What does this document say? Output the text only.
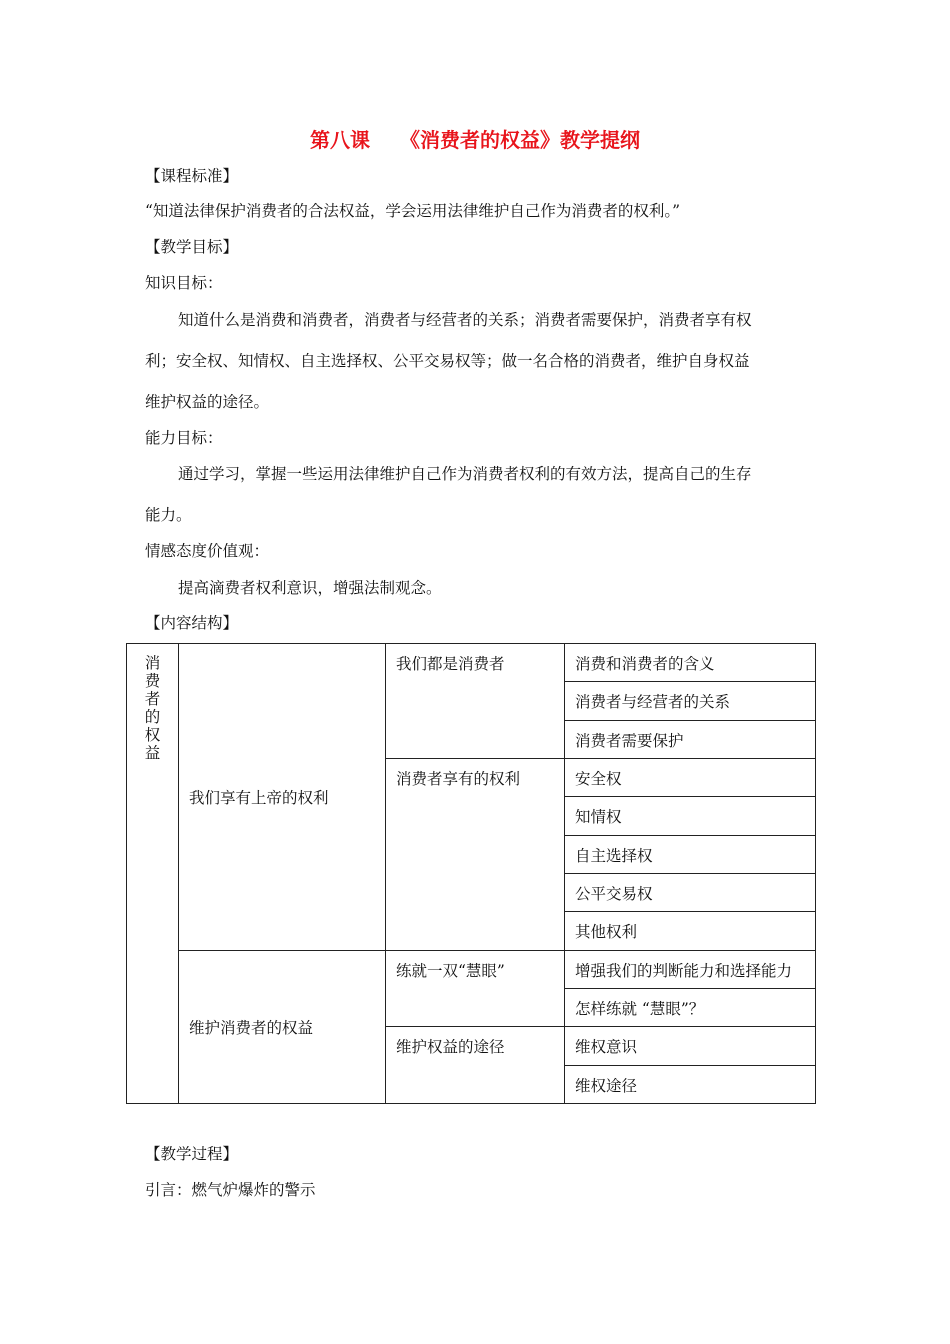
第八课　　《消费者的权益》教学提纲
【课程标准】
“知道法律保护消费者的合法权益，学会运用法律维护自己作为消费者的权利。”
【教学目标】
知识目标：
知道什么是消费和消费者，消费者与经营者的关系；消费者需要保护，消费者享有权
利；安全权、知情权、自主选择权、公平交易权等；做一名合格的消费者，维护自身权益
维护权益的途径。
能力目标：
通过学习，掌握一些运用法律维护自己作为消费者权利的有效方法，提高自己的生存
能力。
情感态度价值观：
提高滴费者权利意识，增强法制观念。
【内容结构】
消费者的权益	我们享有上帝的权利	我们都是消费者	消费和消费者的含义
			消费者与经营者的关系
			消费者需要保护
		消费者享有的权利	安全权
			知情权
			自主选择权
			公平交易权
			其他权利
	维护消费者的权益	练就一双“慧眼”	增强我们的判断能力和选择能力
			怎样练就 “慧眼”？
		维护权益的途径	维权意识
			维权途径
【教学过程】
引言：燃气炉爆炸的警示
